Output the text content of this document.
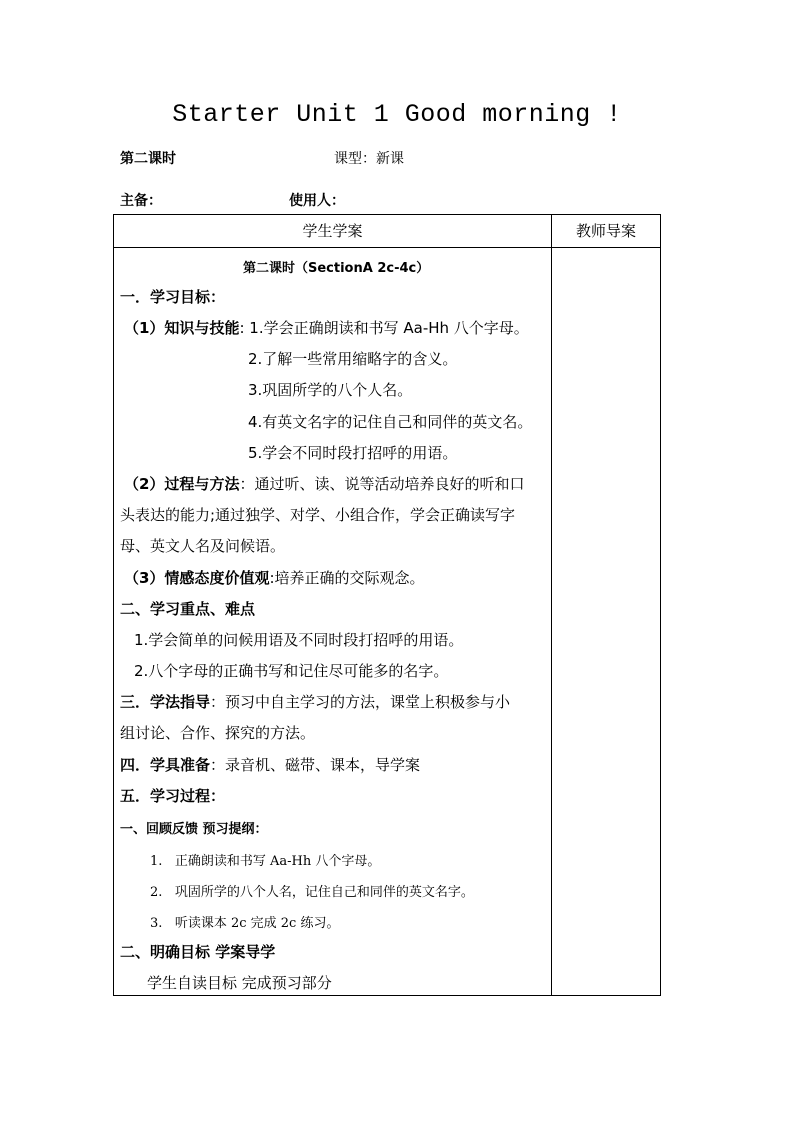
Starter Unit 1 Good morning !
第二课时	课型：新课
主备：	使用人：
学生学案	教师导案
第二课时（SectionA 2c-4c）
一．学习目标：
（1）知识与技能: 1.学会正确朗读和书写 Aa-Hh 八个字母。
2.了解一些常用缩略字的含义。
3.巩固所学的八个人名。
4.有英文名字的记住自己和同伴的英文名。
5.学会不同时段打招呼的用语。
（2）过程与方法：通过听、读、说等活动培养良好的听和口
头表达的能力;通过独学、对学、小组合作，学会正确读写字
母、英文人名及问候语。
（3）情感态度价值观:培养正确的交际观念。
二、学习重点、难点
1.学会简单的问候用语及不同时段打招呼的用语。
2.八个字母的正确书写和记住尽可能多的名字。
三．学法指导：预习中自主学习的方法，课堂上积极参与小
组讨论、合作、探究的方法。
四．学具准备：录音机、磁带、课本，导学案
五．学习过程：
一、回顾反馈 预习提纲：
1. 正确朗读和书写 Aa-Hh 八个字母。
2. 巩固所学的八个人名，记住自己和同伴的英文名字。
3. 听读课本 2c 完成 2c 练习。
二、明确目标 学案导学
学生自读目标 完成预习部分
